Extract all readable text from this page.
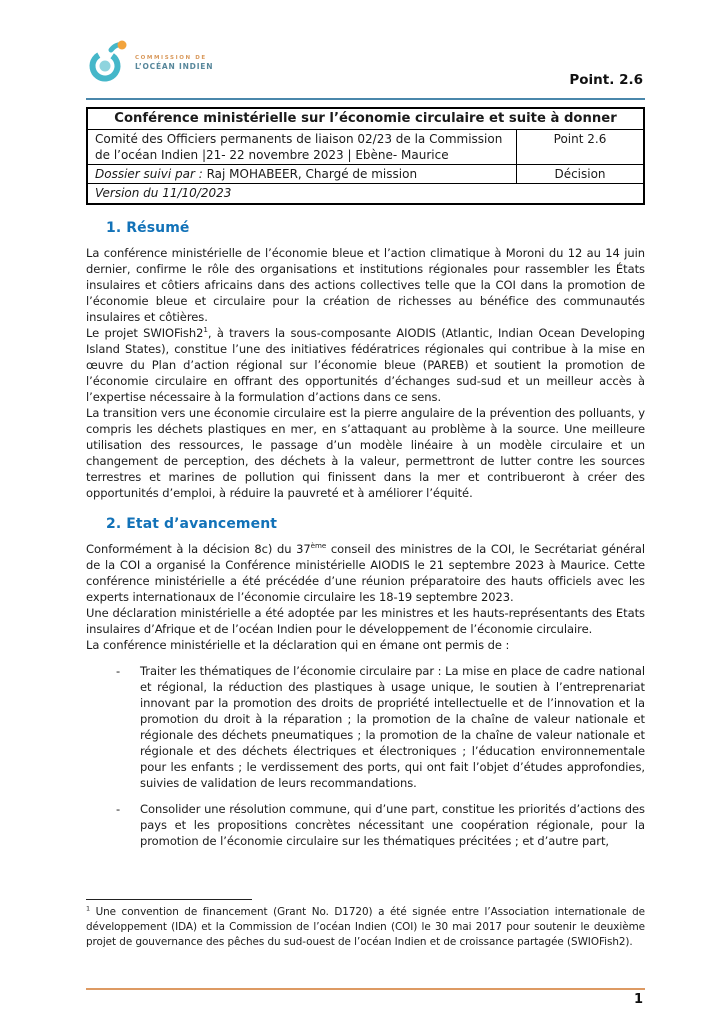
COMMISSION DE
L’OCÉAN INDIEN
Point. 2.6
Conférence ministérielle sur l’économie circulaire et suite à donner	
Comité des Officiers permanents de liaison 02/23 de la Commission de l’océan Indien |21- 22 novembre 2023 | Ebène- Maurice	Point 2.6
Dossier suivi par : Raj MOHABEER, Chargé de mission	Décision
Version du 11/10/2023	
1. Résumé
La conférence ministérielle de l’économie bleue et l’action climatique à Moroni du 12 au 14 juin dernier, confirme le rôle des organisations et institutions régionales pour rassembler les États insulaires et côtiers africains dans des actions collectives telle que la COI dans la promotion de l’économie bleue et circulaire pour la création de richesses au bénéfice des communautés insulaires et côtières.
Le projet $SWIOFish2^1$, à travers la sous-composante AIODIS (Atlantic, Indian Ocean Developing Island States), constitue l’une des initiatives fédératrices régionales qui contribue à la mise en œuvre du Plan d’action régional sur l’économie bleue (PAREB) et soutient la promotion de l’économie circulaire en offrant des opportunités d’échanges sud-sud et un meilleur accès à l’expertise nécessaire à la formulation d’actions dans ce sens.
La transition vers une économie circulaire est la pierre angulaire de la prévention des polluants, y compris les déchets plastiques en mer, en s’attaquant au problème à la source. Une meilleure utilisation des ressources, le passage d’un modèle linéaire à un modèle circulaire et un changement de perception, des déchets à la valeur, permettront de lutter contre les sources terrestres et marines de pollution qui finissent dans la mer et contribueront à créer des opportunités d’emploi, à réduire la pauvreté et à améliorer l’équité.
2. Etat d’avancement
Conformément à la décision 8c) du 37ème conseil des ministres de la COI, le Secrétariat général de la COI a organisé la Conférence ministérielle AIODIS le 21 septembre 2023 à Maurice. Cette conférence ministérielle a été précédée d’une réunion préparatoire des hauts officiels avec les experts internationaux de l’économie circulaire les 18-19 septembre 2023.
Une déclaration ministérielle a été adoptée par les ministres et les hauts-représentants des Etats insulaires d’Afrique et de l’océan Indien pour le développement de l’économie circulaire.
La conférence ministérielle et la déclaration qui en émane ont permis de :
-	Traiter les thématiques de l’économie circulaire par : La mise en place de cadre national et régional, la réduction des plastiques à usage unique, le soutien à l’entreprenariat innovant par la promotion des droits de propriété intellectuelle et de l’innovation et la promotion du droit à la réparation ; la promotion de la chaîne de valeur nationale et régionale des déchets pneumatiques ; la promotion de la chaîne de valeur nationale et régionale et des déchets électriques et électroniques ; l’éducation environnementale pour les enfants ; le verdissement des ports, qui ont fait l’objet d’études approfondies, suivies de validation de leurs recommandations.
-	Consolider une résolution commune, qui d’une part, constitue les priorités d’actions des pays et les propositions concrètes nécessitant une coopération régionale, pour la promotion de l’économie circulaire sur les thématiques précitées ; et d’autre part,
$^1$ Une convention de financement (Grant No. D1720) a été signée entre l’Association internationale de développement (IDA) et la Commission de l’océan Indien (COI) le 30 mai 2017 pour soutenir le deuxième projet de gouvernance des pêches du sud-ouest de l’océan Indien et de croissance partagée (SWIOFish2).
1
